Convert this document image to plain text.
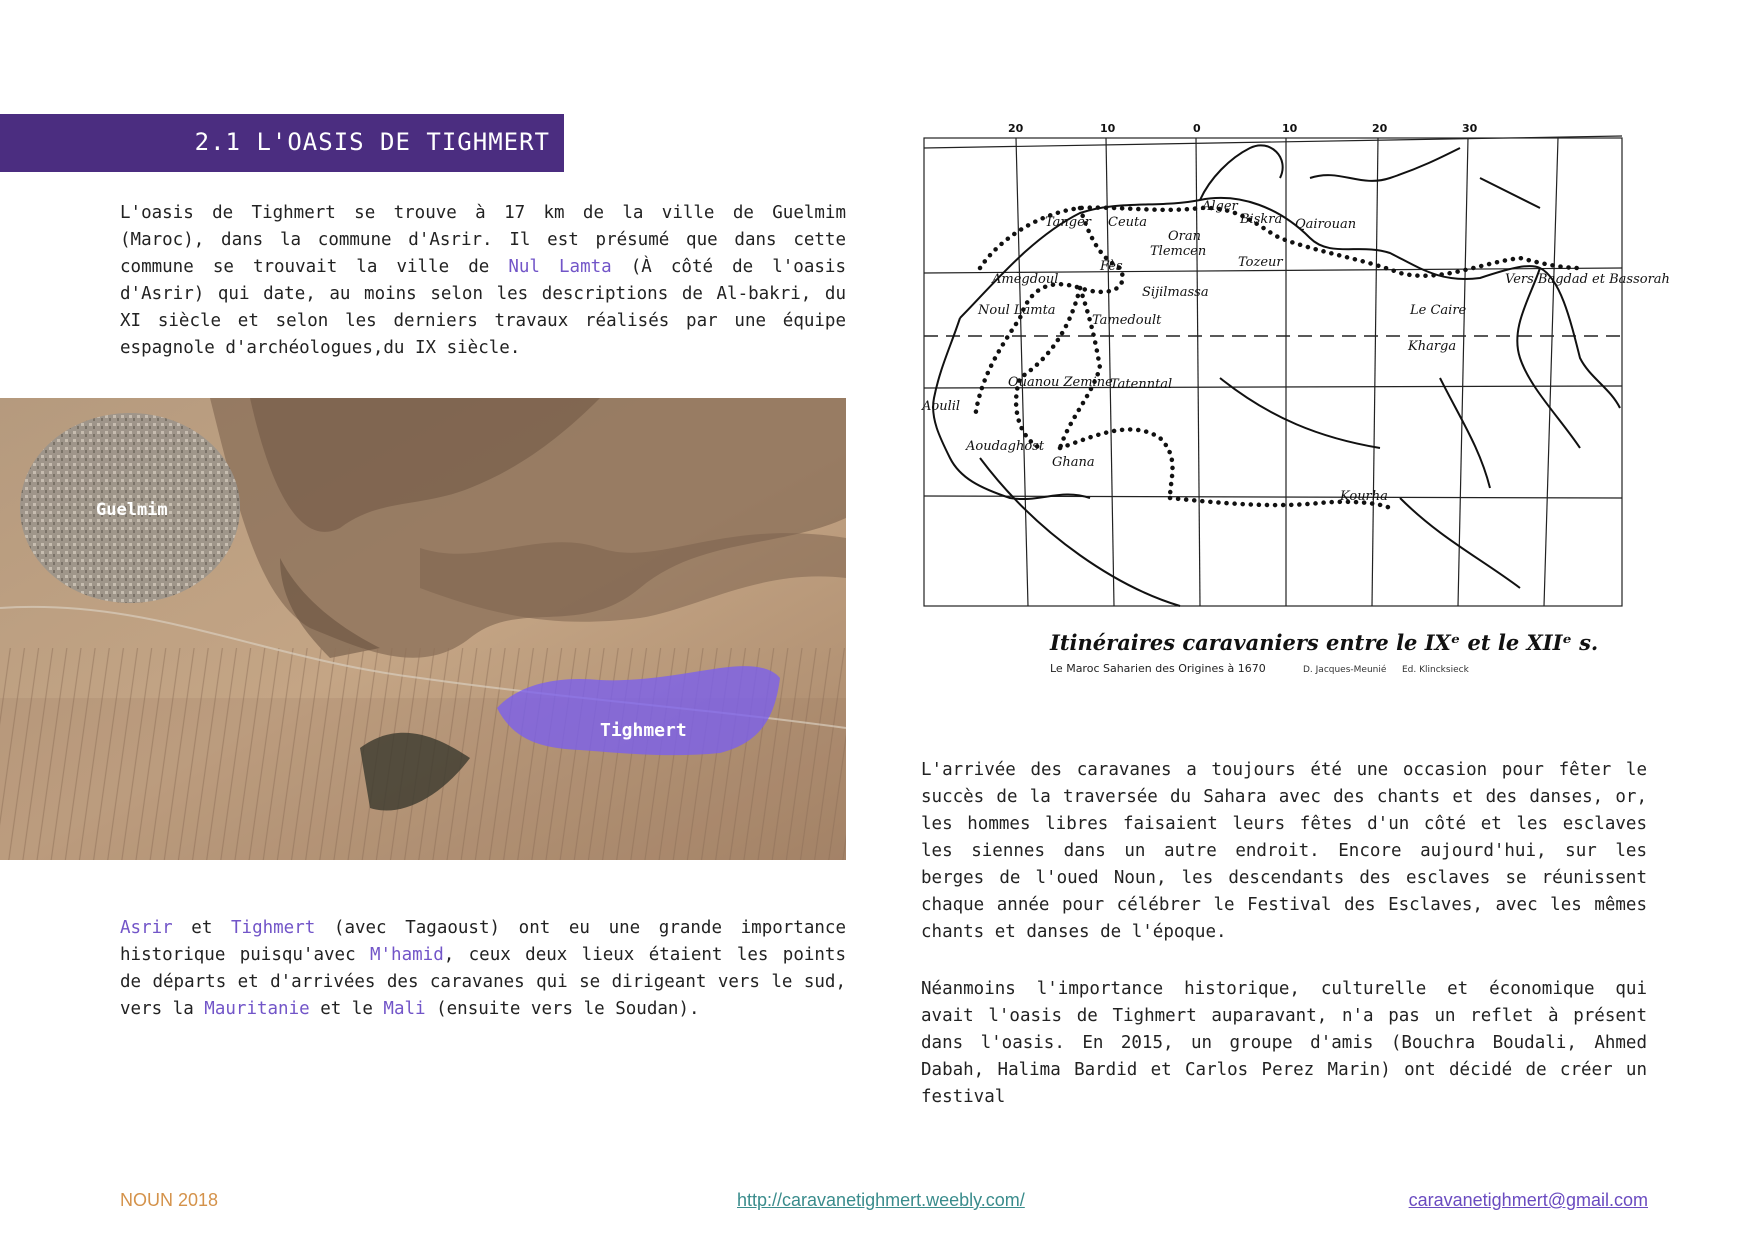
2.1 L'OASIS DE TIGHMERT

L'oasis de Tighmert se trouve à 17 km de la ville de Guelmim (Maroc), dans la commune d'Asrir. Il est présumé que dans cette commune se trouvait la ville de Nul Lamta (À côté de l'oasis d'Asrir) qui date, au moins selon les descriptions de Al-bakri, du XI siècle et selon les derniers travaux réalisés par une équipe espagnole d'archéologues,du IX siècle.

Guelmim
Tighmert

Asrir et Tighmert (avec Tagaoust) ont eu une grande importance historique puisqu'avec M'hamid, ceux deux lieux étaient les points de départs et d'arrivées des caravanes qui se dirigeant vers le sud, vers la Mauritanie et le Mali (ensuite vers le Soudan).

20	10	0	10	20	30
Tanger Ceuta
Alger
Biskra Qairouan
Oran
Tlemcen
Fès	Tozeur
Amegdoul
Sijilmassa
Noul Lamta
Tamedoult
Vers Bagdad et Bassorah
Le Caire
Kharga
Ouanou Zemine
Tatenntal
Aoulil
Aoudaghost
Ghana
Kourha
Itinéraires caravaniers entre le IXᵉ et le XIIᵉ s.
Le Maroc Saharien des Origines à 1670	D. Jacques-Meunié Ed. Klincksieck

L'arrivée des caravanes a toujours été une occasion pour fêter le succès de la traversée du Sahara avec des chants et des danses, or, les hommes libres faisaient leurs fêtes d'un côté et les esclaves les siennes dans un autre endroit. Encore aujourd'hui, sur les berges de l'oued Noun, les descendants des esclaves se réunissent chaque année pour célébrer le Festival des Esclaves, avec les mêmes chants et danses de l'époque.

Néanmoins l'importance historique, culturelle et économique qui avait l'oasis de Tighmert auparavant, n'a pas un reflet à présent dans l'oasis. En 2015, un groupe d'amis (Bouchra Boudali, Ahmed Dabah, Halima Bardid et Carlos Perez Marin) ont décidé de créer un festival

NOUN 2018	http://caravanetighmert.weebly.com/	caravanetighmert@gmail.com
